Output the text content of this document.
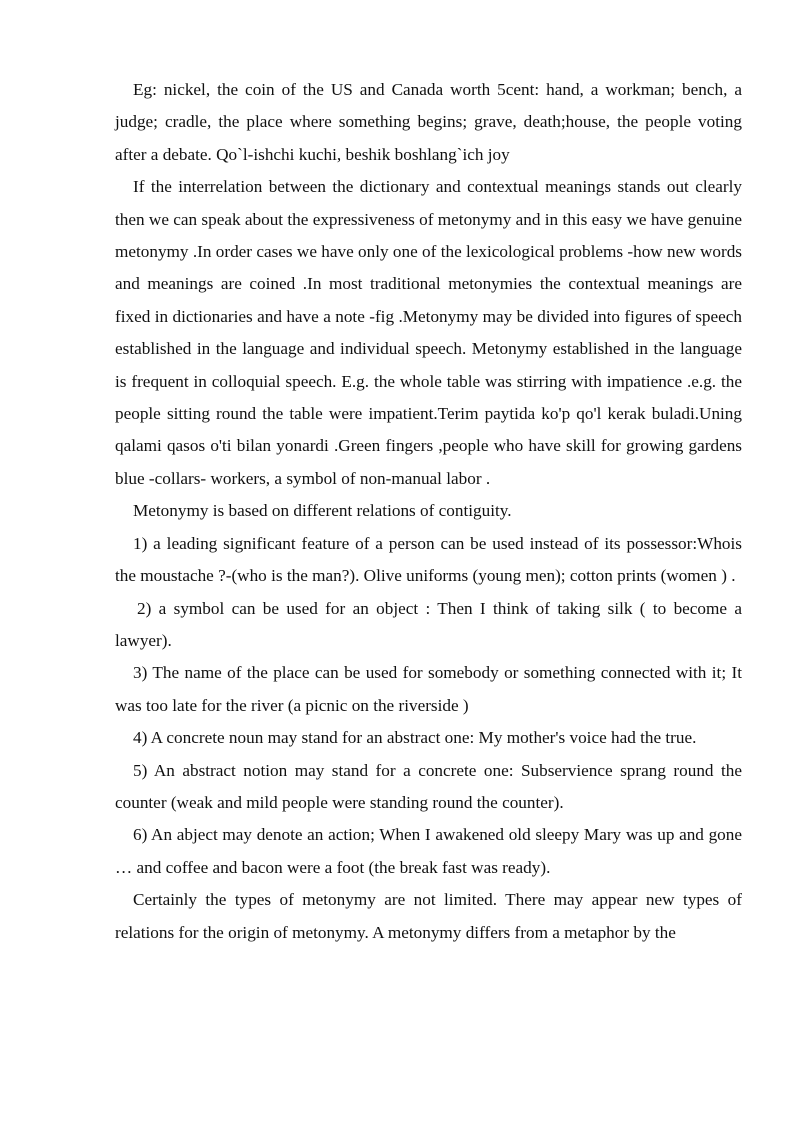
Eg: nickel, the coin of the US and Canada worth 5cent: hand, a workman; bench, a judge; cradle, the place where something begins; grave, death;house, the people voting after a debate. Qo`l-ishchi kuchi, beshik boshlang`ich joy

If the interrelation between the dictionary and contextual meanings stands out clearly then we can speak about the expressiveness of metonymy and in this easy we have genuine metonymy .In order cases we have only one of the lexicological problems -how new words and meanings are coined .In most traditional metonymies the contextual meanings are fixed in dictionaries and have a note -fig .Metonymy may be divided into figures of speech established in the language and individual speech. Metonymy established in the language is frequent in colloquial speech. E.g. the whole table was stirring with impatience .e.g. the people sitting round the table were impatient.Terim paytida ko'p qo'l kerak buladi.Uning qalami qasos o'ti bilan yonardi .Green fingers ,people who have skill for growing gardens blue -collars- workers, a symbol of non-manual labor .

Metonymy is based on different relations of contiguity.

1) a leading significant feature of a person can be used instead of its possessor:Whois the moustache ?-(who is the man?). Olive uniforms (young men); cotton prints (women ) .

2) a symbol can be used for an object : Then I think of taking silk ( to become a lawyer).

3) The name of the place can be used for somebody or something connected with it; It was too late for the river (a picnic on the riverside )

4) A concrete noun may stand for an abstract one: My mother's voice had the true.

5) An abstract notion may stand for a concrete one: Subservience sprang round the counter (weak and mild people were standing round the counter).

6) An abject may denote an action; When I awakened old sleepy Mary was up and gone … and coffee and bacon were a foot (the break fast was ready).

Certainly the types of metonymy are not limited. There may appear new types of relations for the origin of metonymy. A metonymy differs from a metaphor by the
